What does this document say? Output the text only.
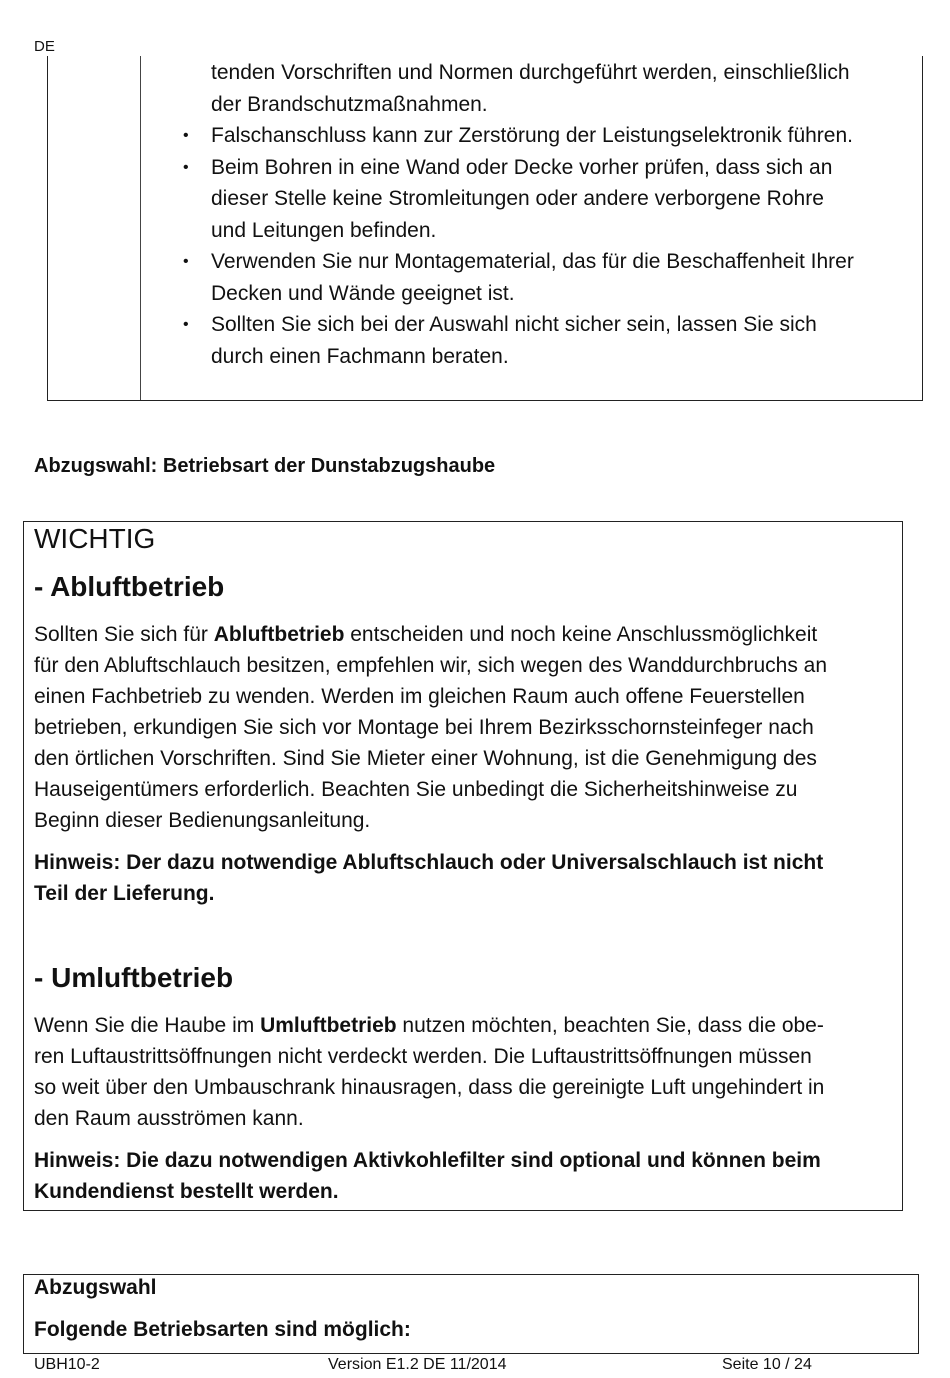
DE

tenden Vorschriften und Normen durchgeführt werden, einschließlich

der Brandschutzmaßnahmen.

• Falschanschluss kann zur Zerstörung der Leistungselektronik führen.
• Beim Bohren in eine Wand oder Decke vorher prüfen, dass sich an
dieser Stelle keine Stromleitungen oder andere verborgene Rohre
und Leitungen befinden.
• Verwenden Sie nur Montagematerial, das für die Beschaffenheit Ihrer
Decken und Wände geeignet ist.
• Sollten Sie sich bei der Auswahl nicht sicher sein, lassen Sie sich
durch einen Fachmann beraten.
Abzugswahl: Betriebsart der Dunstabzugshaube
WICHTIG
- Abluftbetrieb

Sollten Sie sich für Abluftbetrieb entscheiden und noch keine Anschlussmöglichkeit

für den Abluftschlauch besitzen, empfehlen wir, sich wegen des Wanddurchbruchs an

einen Fachbetrieb zu wenden. Werden im gleichen Raum auch offene Feuerstellen

betrieben, erkundigen Sie sich vor Montage bei Ihrem Bezirksschornsteinfeger nach

den örtlichen Vorschriften. Sind Sie Mieter einer Wohnung, ist die Genehmigung des

Hauseigentümers erforderlich. Beachten Sie unbedingt die Sicherheitshinweise zu

Beginn dieser Bedienungsanleitung.

Hinweis: Der dazu notwendige Abluftschlauch oder Universalschlauch ist nicht
Teil der Lieferung.
- Umluftbetrieb

Wenn Sie die Haube im Umluftbetrieb nutzen möchten, beachten Sie, dass die obe-

ren Luftaustrittsöffnungen nicht verdeckt werden. Die Luftaustrittsöffnungen müssen

so weit über den Umbauschrank hinausragen, dass die gereinigte Luft ungehindert in

den Raum ausströmen kann.

Hinweis: Die dazu notwendigen Aktivkohlefilter sind optional und können beim
Kundendienst bestellt werden.
Abzugswahl
Folgende Betriebsarten sind möglich:
UBH10-2	Version E1.2 DE 11/2014	Seite 10 / 24
